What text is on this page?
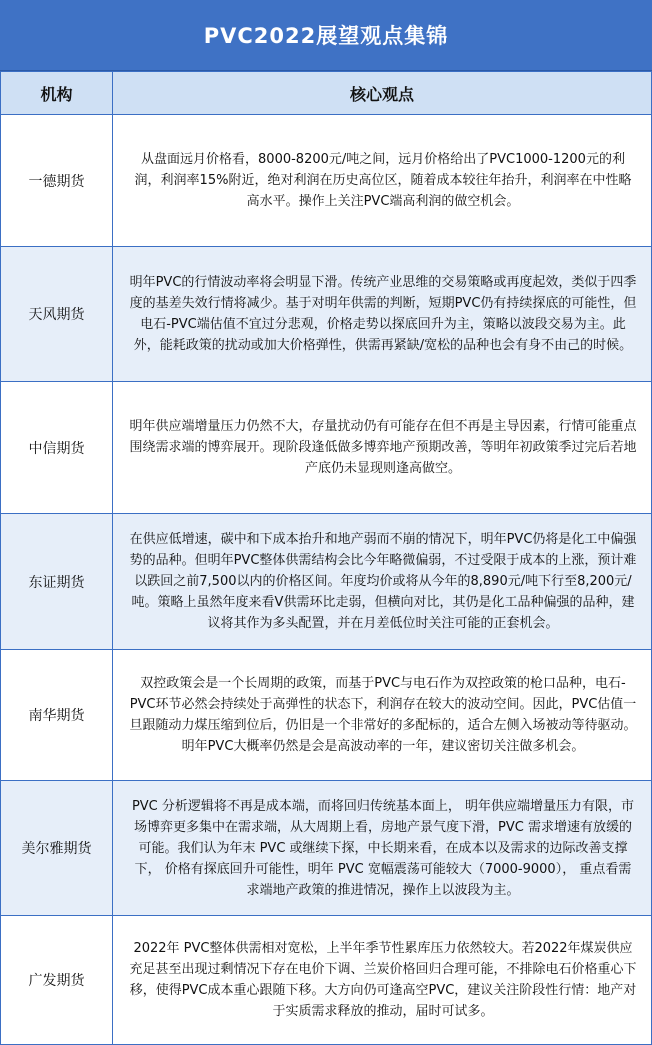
PVC2022展望观点集锦
机构	核心观点
一德期货	从盘面远月价格看，8000-8200元/吨之间，远月价格给出了PVC1000-1200元的利润，利润率15%附近，绝对利润在历史高位区，随着成本较往年抬升，利润率在中性略高水平。操作上关注PVC端高利润的做空机会。
天风期货	明年PVC的行情波动率将会明显下滑。传统产业思维的交易策略或再度起效，类似于四季度的基差失效行情将减少。基于对明年供需的判断，短期PVC仍有持续探底的可能性，但电石-PVC端估值不宜过分悲观，价格走势以探底回升为主，策略以波段交易为主。此外，能耗政策的扰动或加大价格弹性，供需再紧缺/宽松的品种也会有身不由己的时候。
中信期货	明年供应端增量压力仍然不大，存量扰动仍有可能存在但不再是主导因素，行情可能重点围绕需求端的博弈展开。现阶段逢低做多博弈地产预期改善，等明年初政策季过完后若地产底仍未显现则逢高做空。
东证期货	在供应低增速，碳中和下成本抬升和地产弱而不崩的情况下，明年PVC仍将是化工中偏强势的品种。但明年PVC整体供需结构会比今年略微偏弱，不过受限于成本的上涨，预计难以跌回之前7,500以内的价格区间。年度均价或将从今年的8,890元/吨下行至8,200元/吨。策略上虽然年度来看V供需环比走弱，但横向对比，其仍是化工品种偏强的品种，建议将其作为多头配置，并在月差低位时关注可能的正套机会。
南华期货	双控政策会是一个长周期的政策，而基于PVC与电石作为双控政策的枪口品种，电石-PVC环节必然会持续处于高弹性的状态下，利润存在较大的波动空间。因此，PVC估值一旦跟随动力煤压缩到位后，仍旧是一个非常好的多配标的，适合左侧入场被动等待驱动。明年PVC大概率仍然是会是高波动率的一年，建议密切关注做多机会。
美尔雅期货	PVC 分析逻辑将不再是成本端，而将回归传统基本面上， 明年供应端增量压力有限，市场博弈更多集中在需求端，从大周期上看，房地产景气度下滑，PVC 需求增速有放缓的可能。我们认为年末 PVC 或继续下探，中长期来看，在成本以及需求的边际改善支撑下， 价格有探底回升可能性，明年 PVC 宽幅震荡可能较大（7000-9000）， 重点看需求端地产政策的推进情况，操作上以波段为主。
广发期货	2022年 PVC整体供需相对宽松，上半年季节性累库压力依然较大。若2022年煤炭供应充足甚至出现过剩情况下存在电价下调、兰炭价格回归合理可能，不排除电石价格重心下移，使得PVC成本重心跟随下移。大方向仍可逢高空PVC，建议关注阶段性行情：地产对于实质需求释放的推动，届时可试多。
